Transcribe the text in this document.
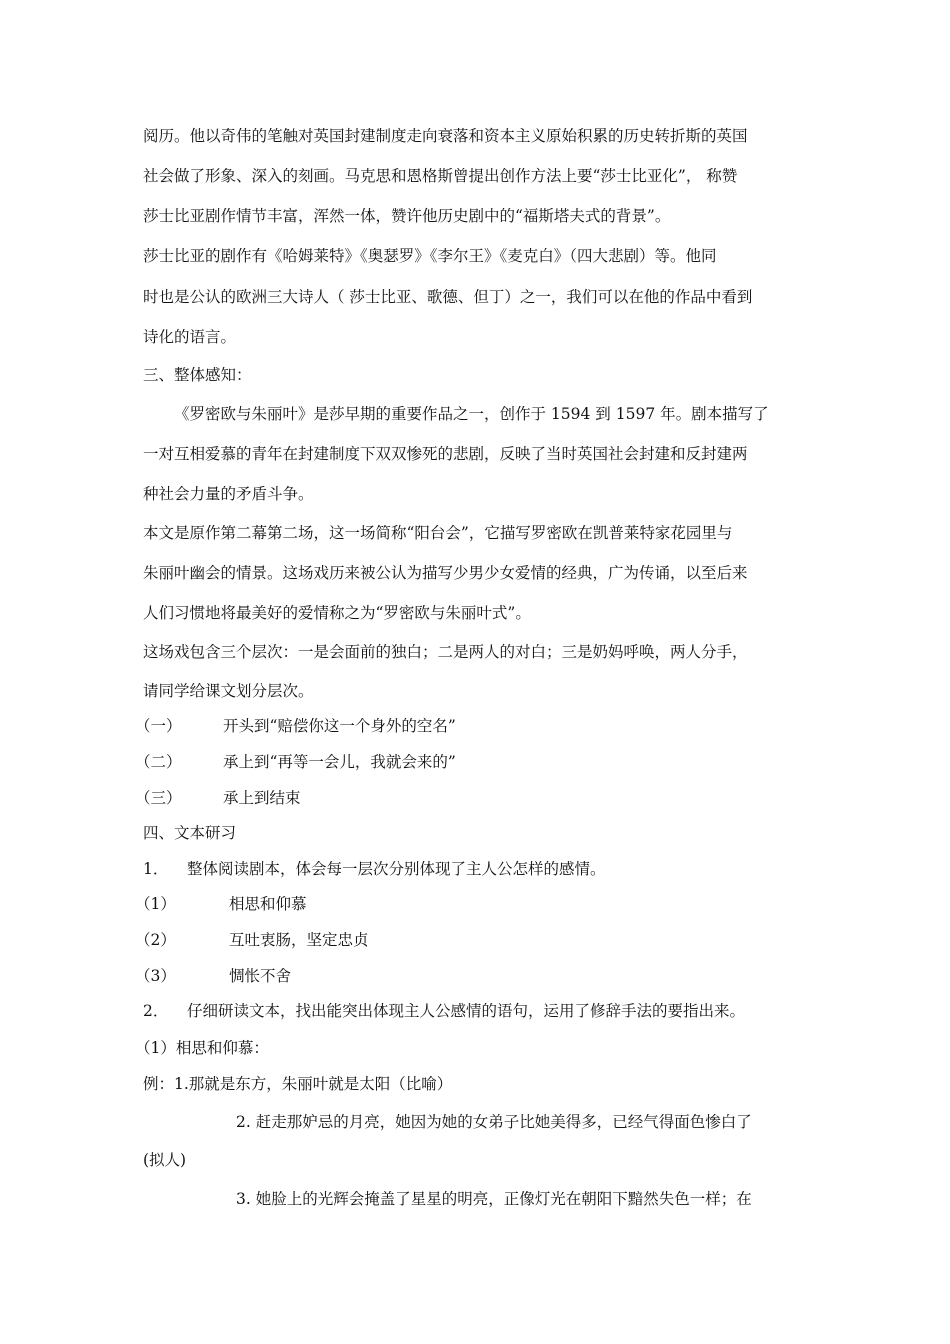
阅历。他以奇伟的笔触对英国封建制度走向衰落和资本主义原始积累的历史转折斯的英国
社会做了形象、深入的刻画。马克思和恩格斯曾提出创作方法上要“莎士比亚化”， 称赞
莎士比亚剧作情节丰富，浑然一体，赞许他历史剧中的“福斯塔夫式的背景”。
莎士比亚的剧作有《哈姆莱特》《奥瑟罗》《李尔王》《麦克白》（四大悲剧）等。他同
时也是公认的欧洲三大诗人（ 莎士比亚、歌德、但丁）之一，我们可以在他的作品中看到
诗化的语言。
三、整体感知：
《罗密欧与朱丽叶》是莎早期的重要作品之一，创作于 1594 到 1597 年。剧本描写了
一对互相爱慕的青年在封建制度下双双惨死的悲剧，反映了当时英国社会封建和反封建两
种社会力量的矛盾斗争。
本文是原作第二幕第二场，这一场简称“阳台会”，它描写罗密欧在凯普莱特家花园里与
朱丽叶幽会的情景。这场戏历来被公认为描写少男少女爱情的经典，广为传诵，以至后来
人们习惯地将最美好的爱情称之为“罗密欧与朱丽叶式”。
这场戏包含三个层次：一是会面前的独白；二是两人的对白；三是奶妈呼唤，两人分手，
请同学给课文划分层次。
（一）	开头到“赔偿你这一个身外的空名”
（二）	承上到“再等一会儿，我就会来的”
（三）	承上到结束
四、文本研习
1． 整体阅读剧本，体会每一层次分别体现了主人公怎样的感情。
（1）	相思和仰慕
（2）	互吐衷肠，坚定忠贞
（3）	惆怅不舍
2． 仔细研读文本，找出能突出体现主人公感情的语句，运用了修辞手法的要指出来。
（1）相思和仰慕：
例：1.那就是东方，朱丽叶就是太阳（比喻）
2. 赶走那妒忌的月亮，她因为她的女弟子比她美得多，已经气得面色惨白了
(拟人)
3. 她脸上的光辉会掩盖了星星的明亮，正像灯光在朝阳下黯然失色一样；在
